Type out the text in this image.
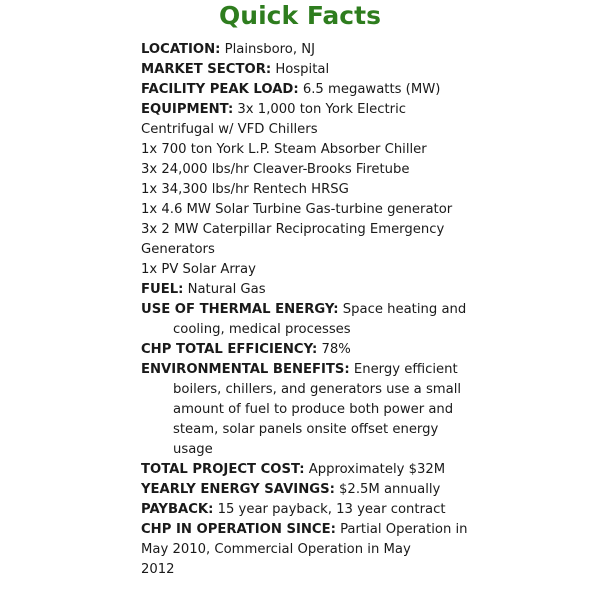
Quick Facts
LOCATION: Plainsboro, NJ
MARKET SECTOR: Hospital
FACILITY PEAK LOAD: 6.5 megawatts (MW)
EQUIPMENT: 3x 1,000 ton York Electric
Centrifugal w/ VFD Chillers
1x 700 ton York L.P. Steam Absorber Chiller
3x 24,000 lbs/hr Cleaver-Brooks Firetube
1x 34,300 lbs/hr Rentech HRSG
1x 4.6 MW Solar Turbine Gas-turbine generator
3x 2 MW Caterpillar Reciprocating Emergency
Generators
1x PV Solar Array
FUEL: Natural Gas
USE OF THERMAL ENERGY: Space heating and
cooling, medical processes
CHP TOTAL EFFICIENCY: 78%
ENVIRONMENTAL BENEFITS: Energy efficient
boilers, chillers, and generators use a small
amount of fuel to produce both power and
steam, solar panels onsite offset energy
usage
TOTAL PROJECT COST: Approximately $32M
YEARLY ENERGY SAVINGS: $2.5M annually
PAYBACK: 15 year payback, 13 year contract
CHP IN OPERATION SINCE: Partial Operation in
May 2010, Commercial Operation in May
2012
